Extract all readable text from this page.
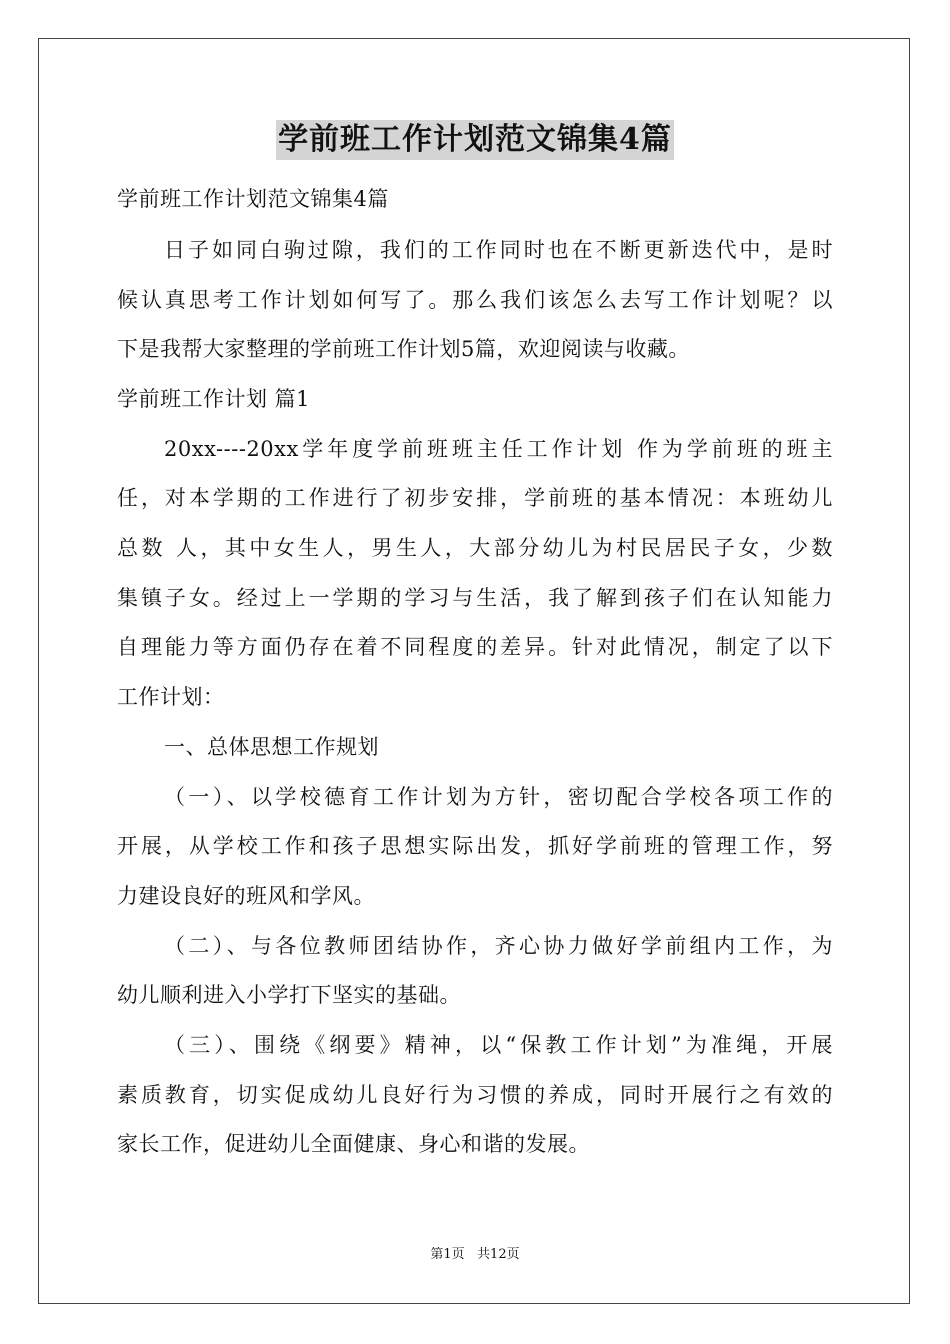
学前班工作计划范文锦集4篇
学前班工作计划范文锦集4篇
日子如同白驹过隙，我们的工作同时也在不断更新迭代中，是时
候认真思考工作计划如何写了。那么我们该怎么去写工作计划呢？以
下是我帮大家整理的学前班工作计划5篇，欢迎阅读与收藏。
学前班工作计划 篇1
20xx----20xx学年度学前班班主任工作计划 作为学前班的班主
任，对本学期的工作进行了初步安排，学前班的基本情况：本班幼儿
总数 人，其中女生人，男生人，大部分幼儿为村民居民子女，少数
集镇子女。经过上一学期的学习与生活，我了解到孩子们在认知能力
自理能力等方面仍存在着不同程度的差异。针对此情况，制定了以下
工作计划：
一、总体思想工作规划
（一）、以学校德育工作计划为方针，密切配合学校各项工作的
开展，从学校工作和孩子思想实际出发，抓好学前班的管理工作，努
力建设良好的班风和学风。
（二）、与各位教师团结协作，齐心协力做好学前组内工作，为
幼儿顺利进入小学打下坚实的基础。
（三）、围绕《纲要》精神，以“保教工作计划”为准绳，开展
素质教育，切实促成幼儿良好行为习惯的养成，同时开展行之有效的
家长工作，促进幼儿全面健康、身心和谐的发展。
第1页   共12页
